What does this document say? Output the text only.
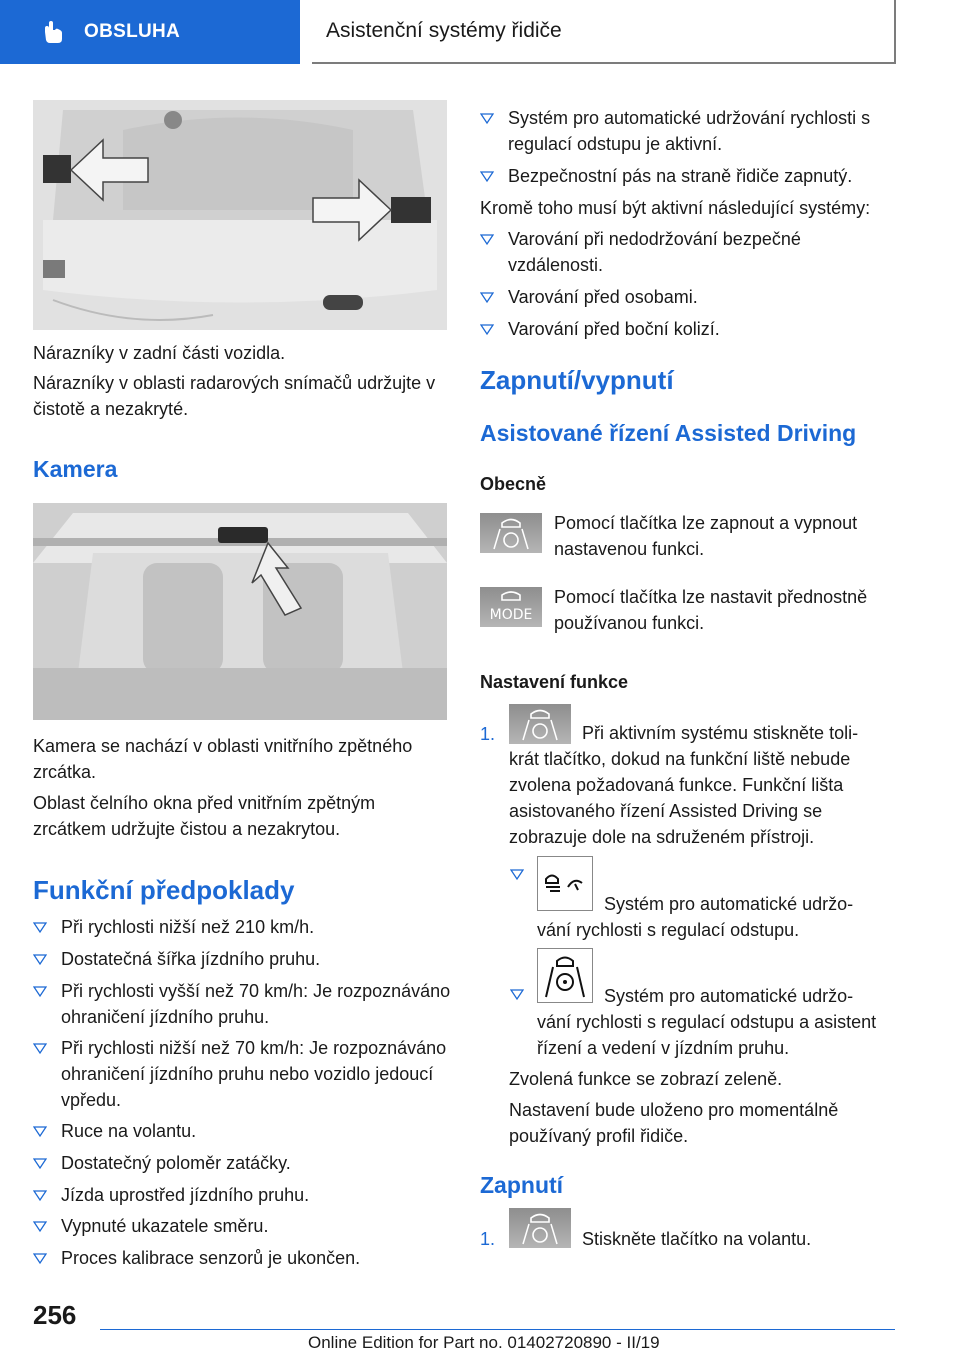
OBSLUHA	Asistenční systémy řidiče

Nárazníky v zadní části vozidla.

Nárazníky v oblasti radarových snímačů udržujte v čistotě a nezakryté.

Kamera

Kamera se nachází v oblasti vnitřního zpětného zrcátka.

Oblast čelního okna před vnitřním zpětným zrcátkem udržujte čistou a nezakrytou.

Funkční předpoklady
Při rychlosti nižší než 210 km/h.
Dostatečná šířka jízdního pruhu.
Při rychlosti vyšší než 70 km/h: Je rozpoznáváno ohraničení jízdního pruhu.
Při rychlosti nižší než 70 km/h: Je rozpoznáváno ohraničení jízdního pruhu nebo vozidlo jedoucí vpředu.
Ruce na volantu.
Dostatečný poloměr zatáčky.
Jízda uprostřed jízdního pruhu.
Vypnuté ukazatele směru.
Proces kalibrace senzorů je ukončen.
Systém pro automatické udržování rychlosti s regulací odstupu je aktivní.
Bezpečnostní pás na straně řidiče zapnutý.

Kromě toho musí být aktivní následující systémy:

Varování při nedodržování bezpečné vzdálenosti.
Varování před osobami.
Varování před boční kolizí.
Zapnutí/vypnutí
Asistované řízení Assisted Driving
Obecně

Pomocí tlačítka lze zapnout a vypnout nastavenou funkci.

MODE

Pomocí tlačítka lze nastavit přednostně používanou funkci.

Nastavení funkce
1.	Při aktivním systému stiskněte toli‑

krát tlačítko, dokud na funkční liště nebude zvolena požadovaná funkce. Funkční lišta asistovaného řízení Assisted Driving se zobrazuje dole na sdruženém přístroji.

Systém pro automatické udržo‑

vání rychlosti s regulací odstupu.

Systém pro automatické udržo‑

vání rychlosti s regulací odstupu a asistent řízení a vedení v jízdním pruhu.

Zvolená funkce se zobrazí zeleně.

Nastavení bude uloženo pro momentálně používaný profil řidiče.

Zapnutí
1.	Stiskněte tlačítko na volantu.

256
Online Edition for Part no. 01402720890 - II/19
